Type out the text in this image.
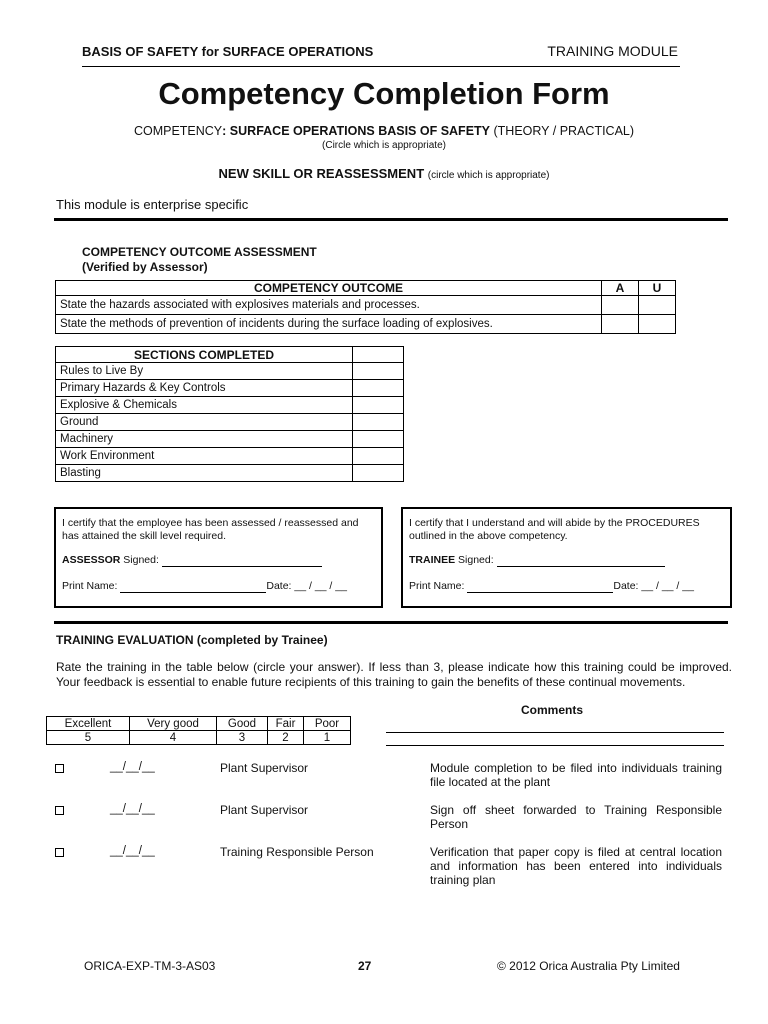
BASIS OF SAFETY for SURFACE OPERATIONS	TRAINING MODULE
Competency Completion Form
COMPETENCY: SURFACE OPERATIONS BASIS OF SAFETY (THEORY / PRACTICAL)
(Circle which is appropriate)
NEW SKILL OR REASSESSMENT (circle which is appropriate)
This module is enterprise specific
COMPETENCY OUTCOME ASSESSMENT
(Verified by Assessor)
COMPETENCY OUTCOME	A	U
State the hazards associated with explosives materials and processes.		
State the methods of prevention of incidents during the surface loading of explosives.		
SECTIONS COMPLETED	
Rules to Live By	
Primary Hazards & Key Controls	
Explosive & Chemicals	
Ground	
Machinery	
Work Environment	
Blasting	
I certify that the employee has been assessed / reassessed and has attained the skill level required.
ASSESSOR Signed:
Print Name:	Date: __ / __ / __
I certify that I understand and will abide by the PROCEDURES outlined in the above competency.
TRAINEE Signed:
Print Name:	Date: __ / __ / __
TRAINING EVALUATION (completed by Trainee)
Rate the training in the table below (circle your answer). If less than 3, please indicate how this training could be improved. Your feedback is essential to enable future recipients of this training to gain the benefits of these continual movements.
Comments
Excellent	Very good	Good	Fair	Poor
5	4	3	2	1
__/__/__	Plant Supervisor	Module completion to be filed into individuals training file located at the plant
__/__/__	Plant Supervisor	Sign off sheet forwarded to Training Responsible Person
__/__/__	Training Responsible Person	Verification that paper copy is filed at central location and information has been entered into individuals training plan
ORICA-EXP-TM-3-AS03	27	© 2012 Orica Australia Pty Limited
